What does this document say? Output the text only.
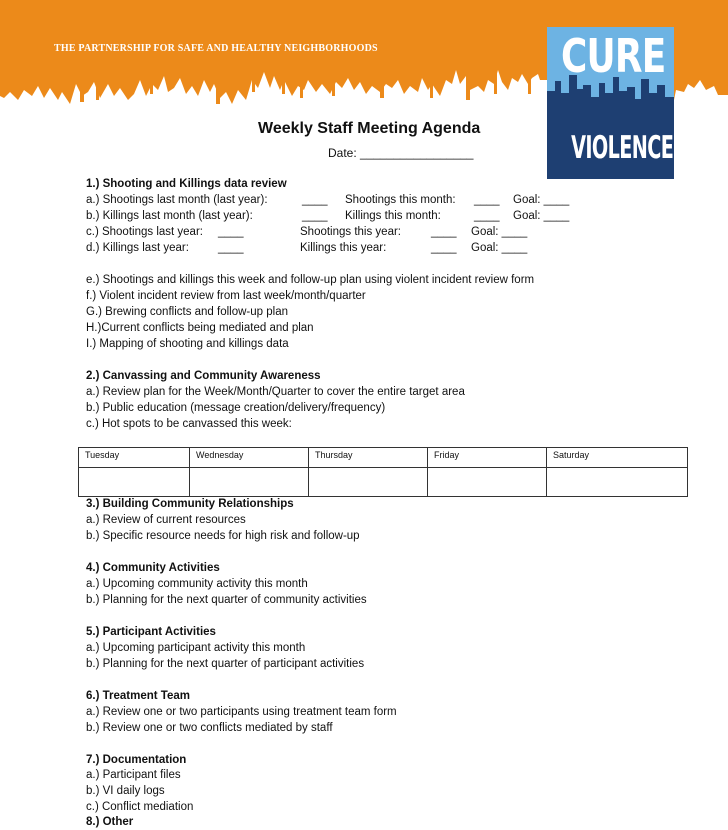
THE PARTNERSHIP FOR SAFE AND HEALTHY NEIGHBORHOODS	CURE
VIOLENCE
Weekly Staff Meeting Agenda
Date: _________________
1.) Shooting and Killings data review
a.) Shootings last month (last year):	____ Shootings this month: ____ Goal: ____
b.) Killings last month (last year):	____ Killings this month:	____ Goal: ____
c.) Shootings last year: ____	Shootings this year:	____ Goal: ____
d.) Killings last year:	____	Killings this year:	____ Goal: ____
e.) Shootings and killings this week and follow-up plan using violent incident review form
f.) Violent incident review from last week/month/quarter
G.) Brewing conflicts and follow-up plan
H.)Current conflicts being mediated and plan
I.) Mapping of shooting and killings data
2.) Canvassing and Community Awareness
a.) Review plan for the Week/Month/Quarter to cover the entire target area
b.) Public education (message creation/delivery/frequency)
c.) Hot spots to be canvassed this week:
Tuesday	Wednesday	Thursday	Friday	Saturday

3.) Building Community Relationships
a.) Review of current resources
b.) Specific resource needs for high risk and follow-up
4.) Community Activities
a.) Upcoming community activity this month
b.) Planning for the next quarter of community activities
5.) Participant Activities
a.) Upcoming participant activity this month
b.) Planning for the next quarter of participant activities
6.) Treatment Team
a.) Review one or two participants using treatment team form
b.) Review one or two conflicts mediated by staff
7.) Documentation
a.) Participant files
b.) VI daily logs
c.) Conflict mediation
8.) Other
